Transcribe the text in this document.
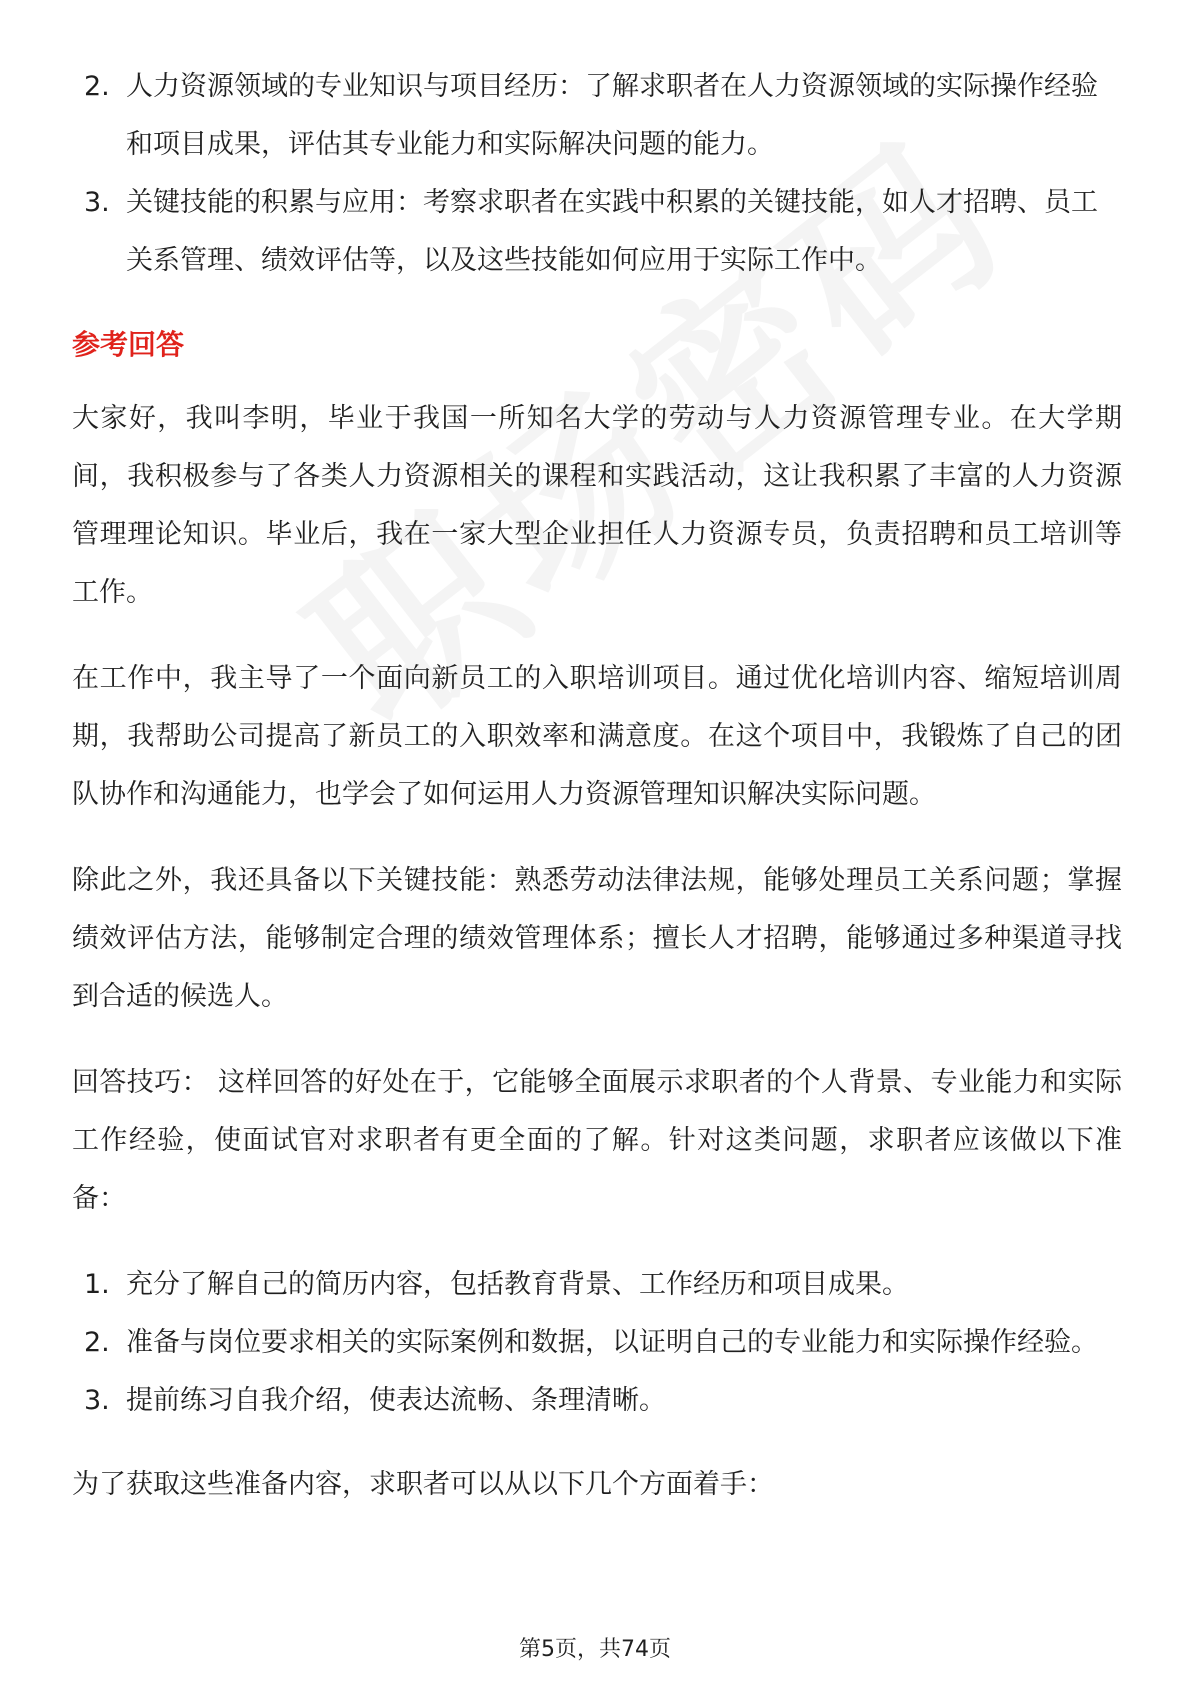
2. 人力资源领域的专业知识与项目经历：了解求职者在人力资源领域的实际操作经验和项目成果，评估其专业能力和实际解决问题的能力。
3. 关键技能的积累与应用：考察求职者在实践中积累的关键技能，如人才招聘、员工关系管理、绩效评估等，以及这些技能如何应用于实际工作中。
参考回答

大家好，我叫李明，毕业于我国一所知名大学的劳动与人力资源管理专业。在大学期间，我积极参与了各类人力资源相关的课程和实践活动，这让我积累了丰富的人力资源管理理论知识。毕业后，我在一家大型企业担任人力资源专员，负责招聘和员工培训等工作。

在工作中，我主导了一个面向新员工的入职培训项目。通过优化培训内容、缩短培训周期，我帮助公司提高了新员工的入职效率和满意度。在这个项目中，我锻炼了自己的团队协作和沟通能力，也学会了如何运用人力资源管理知识解决实际问题。

除此之外，我还具备以下关键技能：熟悉劳动法律法规，能够处理员工关系问题；掌握绩效评估方法，能够制定合理的绩效管理体系；擅长人才招聘，能够通过多种渠道寻找到合适的候选人。

回答技巧： 这样回答的好处在于，它能够全面展示求职者的个人背景、专业能力和实际工作经验，使面试官对求职者有更全面的了解。针对这类问题，求职者应该做以下准备：

1. 充分了解自己的简历内容，包括教育背景、工作经历和项目成果。
2. 准备与岗位要求相关的实际案例和数据，以证明自己的专业能力和实际操作经验。
3. 提前练习自我介绍，使表达流畅、条理清晰。

为了获取这些准备内容，求职者可以从以下几个方面着手：

第5页，共74页
